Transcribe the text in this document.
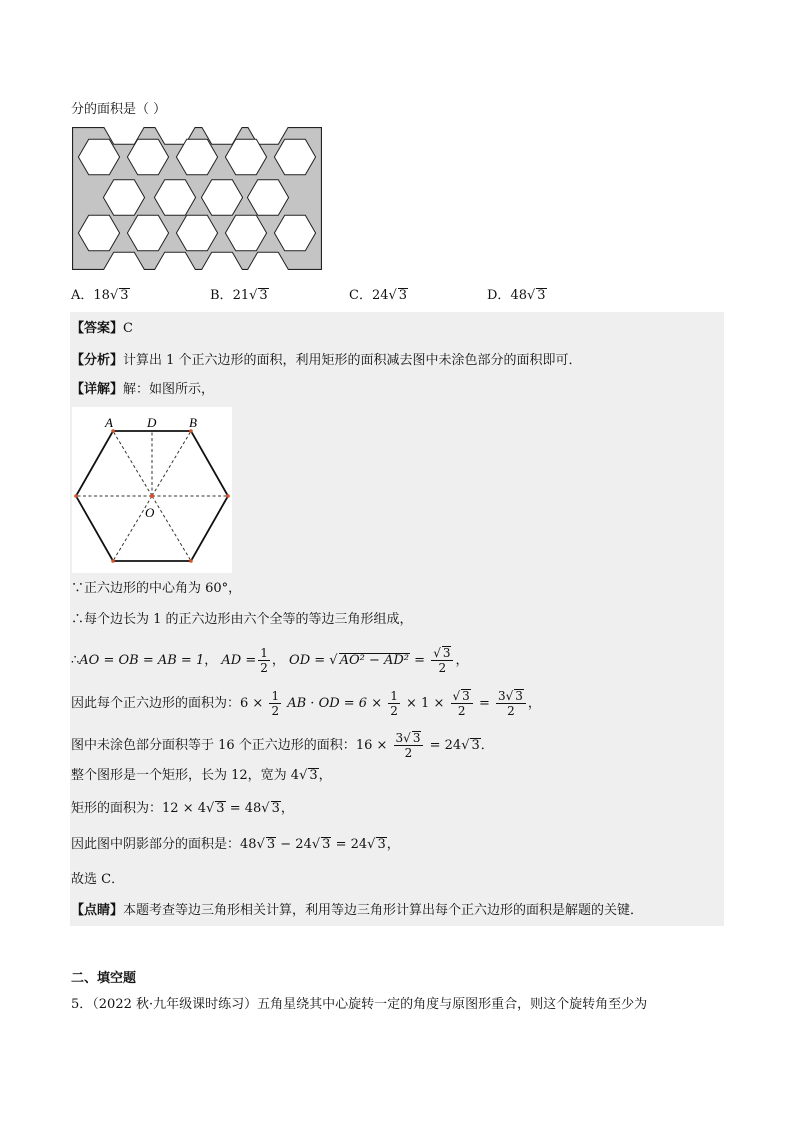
分的面积是（ ）
A．18√ 3	B．21√ 3	C．24√ 3	D．48√ 3
【答案】C
【分析】计算出 1 个正六边形的面积，利用矩形的面积减去图中未涂色部分的面积即可．
【详解】解：如图所示，
A	D	B
O
∵正六边形的中心角为 60°，
∴每个边长为 1 的正六边形由六个全等的等边三角形组成，
∴AO = OB = AB = 1， AD = $\frac{1}{2}$ ， OD = √ $AO^2 - AD^2 = \frac{√ 3}{2}$ ，
因此每个正六边形的面积为：$6 \times \frac{1}{2}$ AB · OD = $6 \times \frac{1}{2} \times 1 \times \frac{√ 3}{2} = \frac{3√ 3}{2}$ ，
图中未涂色部分面积等于 16 个正六边形的面积：$16 \times \frac{3√ 3}{2} = 24√$ 3．
整个图形是一个矩形，长为 12，宽为 4√ 3，
矩形的面积为：12 × 4√ 3 = 48√ 3，
因此图中阴影部分的面积是：48√ 3 − 24√ 3 = 24√ 3，
故选 C．
【点睛】本题考查等边三角形相关计算，利用等边三角形计算出每个正六边形的面积是解题的关键．
二、填空题
5．（2022 秋·九年级课时练习）五角星绕其中心旋转一定的角度与原图形重合，则这个旋转角至少为
